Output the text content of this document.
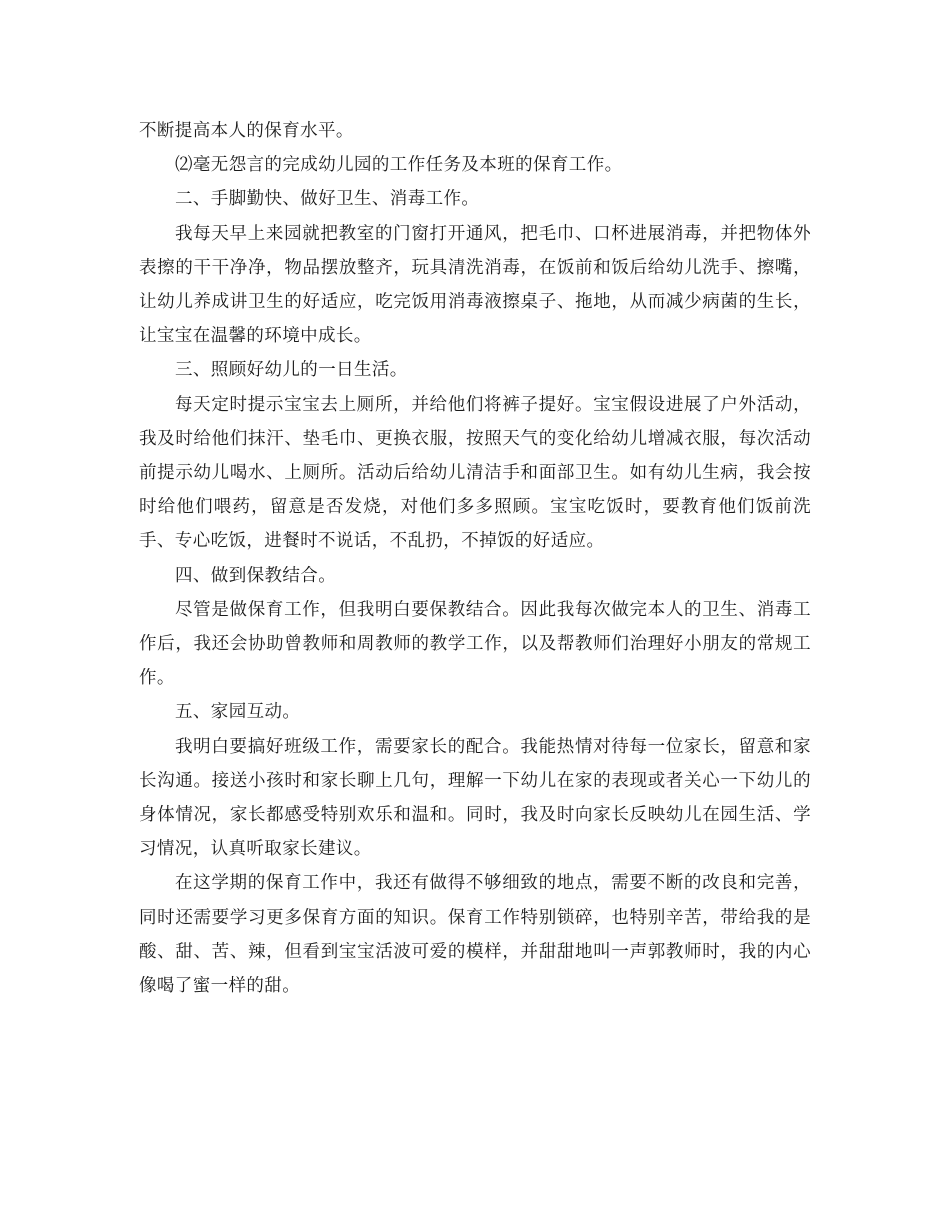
不断提高本人的保育水平。

⑵毫无怨言的完成幼儿园的工作任务及本班的保育工作。

二、手脚勤快、做好卫生、消毒工作。

我每天早上来园就把教室的门窗打开通风，把毛巾、口杯进展消毒，并把物体外表擦的干干净净，物品摆放整齐，玩具清洗消毒，在饭前和饭后给幼儿洗手、擦嘴，让幼儿养成讲卫生的好适应，吃完饭用消毒液擦桌子、拖地，从而减少病菌的生长，让宝宝在温馨的环境中成长。

三、照顾好幼儿的一日生活。

每天定时提示宝宝去上厕所，并给他们将裤子提好。宝宝假设进展了户外活动，我及时给他们抹汗、垫毛巾、更换衣服，按照天气的变化给幼儿增减衣服，每次活动前提示幼儿喝水、上厕所。活动后给幼儿清洁手和面部卫生。如有幼儿生病，我会按时给他们喂药，留意是否发烧，对他们多多照顾。宝宝吃饭时，要教育他们饭前洗手、专心吃饭，进餐时不说话，不乱扔，不掉饭的好适应。

四、做到保教结合。

尽管是做保育工作，但我明白要保教结合。因此我每次做完本人的卫生、消毒工作后，我还会协助曾教师和周教师的教学工作，以及帮教师们治理好小朋友的常规工作。

五、家园互动。

我明白要搞好班级工作，需要家长的配合。我能热情对待每一位家长，留意和家长沟通。接送小孩时和家长聊上几句，理解一下幼儿在家的表现或者关心一下幼儿的身体情况，家长都感受特别欢乐和温和。同时，我及时向家长反映幼儿在园生活、学习情况，认真听取家长建议。

在这学期的保育工作中，我还有做得不够细致的地点，需要不断的改良和完善，同时还需要学习更多保育方面的知识。保育工作特别锁碎，也特别辛苦，带给我的是酸、甜、苦、辣，但看到宝宝活波可爱的模样，并甜甜地叫一声郭教师时，我的内心像喝了蜜一样的甜。
